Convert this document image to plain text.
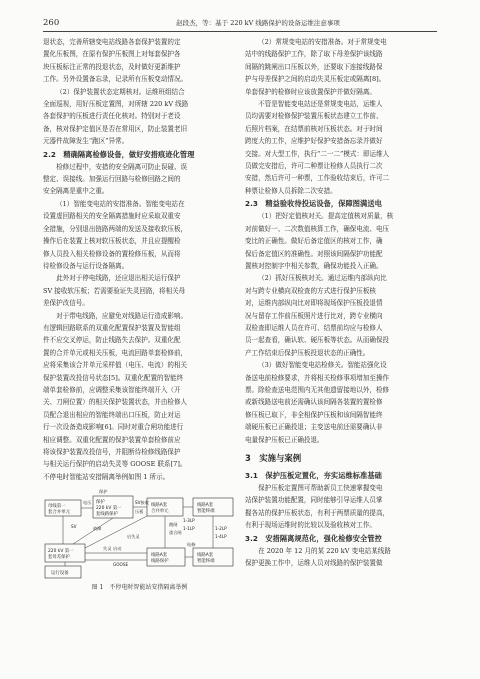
260	赵段杰，等：基于 220 kV 线路保护的设备运维注意事项

退状态，完善所辖变电站线路各套保护装置的定

置化压板图，在原有保护压板图上对每套保护各

块压板标注正常的投退状态，及时做好更新维护

工作。另外设置备忘录，记录所有压板变动情况。

（2）保护装置状态定期核对。运维班组结合

全面巡视，用好压板定置图，对所辖 220 kV 线路

各套保护的压板进行责任化核对。特别对于老设

备，核对保护定值区是否在常用区，防止装置老旧

元器件故障发生“跑区”异常。

2.2　精确隔离检修设备，做好安措痕迹化管理

检修过程中，安措的安全隔离可防止误碰、误

整定、误接线。加强运行回路与检修回路之间的

安全隔离是重中之重。

（1）智能变电站的安措准备。智能变电站在

设置虚回路相关的安全隔离措施时应采取双重安

全措施，分别退出链路两端的发送及接收软压板，

操作后在装置上核对软压板状态，并且应提醒检

修人员投入相关检修设备的置检修压板，从而将

待检修设备与运行设备隔离。

此外对于停电线路，还应退出相关运行保护

SV 接收软压板；若需要验证失灵回路，将相关母

差保护改信号。

对于带电线路，应避免对线路运行造成影响。

有逻辑回路联系的双重化配置保护装置及智能组

件不应交叉停运，防止线路失去保护。双重化配

置的合并单元或相关压板，电流回路单套检修前，

应将采集该合并单元采样值（电压、电流）的相关

保护装置改投信号状态[5]。双重化配置的智能终

端单套检修前，应调整采集该智能终端开入（开

关、刀闸位置）的相关保护装置状态，并由检修人

员配合退出相应的智能终端出口压板，防止对运

行一次设备造成影响[6]。同时对重合闸功能进行

相应调整。双重化配置的保护装置单套检修前应

将该保护装置改投信号，并阻断待检修线路保护

与相关运行保护的启动失灵等 GOOSE 联系[7]。

不停电时智能站安措隔离举例如图 1 所示。

母线第一套合并单元
保护 220 kV 第一套线路保护
线路A套合并单元
线路A套智能终端
220 kV 第一套母差保护
运行设备
线路A套线路保护
线路A套智能终端
保护
电压	SV接收
压板
1-3LP
1-1LP	1-2LP
1-4LP
跳闸
重合闸
失灵 启动
GOOSE
SV	故障
检修
启失灵
图 1　不停电时智能站安措隔离举例

（2）常规变电站的安措准备。对于常规变电

站中的线路保护工作，除了取下母差保护该线路

间隔的跳闸出口压板以外，还要取下连接线路保

护与母差保护之间的启动失灵压板定或隔离[8]。

单套保护的检修时应该放置保护并做好隔离。

不管是智能变电站还是常规变电站，运维人

员均需要对检修保护装置压板状态建立工作前、

后照片档案，在结票前核对压板状态。对于时间

跨度大的工作，应维护好保护安措备忘录并做好

交接。对大型工作，执行“二一二”模式：即运维人

员做完安措后，许可二种票让检修人员执行二次

安措，然后许可一种票，工作验收结束后，许可二

种票让检修人员拆除二次安措。

2.3　精益验收待投运设备，保障图满送电

（1）把好定值核对关。提高定值核对质量，核

对前做好一、二次数值核算工作，确保电流、电压

变比的正确性。做好后备定值区的核对工作，确

保后备定值区的准确性。对照该间隔保护功能配

置核对控制字中相关参数，确保功能投入正确。

（2）抓好压板核对关。通过运维内部纵向比

对与跨专业横向双检查的方式进行保护压板核

对，运维内部纵向比对即将现场保护压板投退情

况与留存工作前压板照片进行比对，跨专业横向

双检查即运维人员在许可、结票前均应与检修人

员一起查看，确认软、硬压板等状态。从而确保投

产工作结束后保护压板投退状态的正确性。

（3）做好智能变电站检修关。智能站强化设

备送电前检修要求，并将相关检修事项增加至操作

票。除检查送电范围内无其他遗留接地以外，检修

或新线路送电前还需确认该间隔各装置的置检修

修压板已取下，非全相保护压板和该间隔智能终

端硬压板已正确投退；主变送电前还需要确认非

电量保护压板已正确投退。

3　实施与案例
3.1　保护压板定置化，夯实运维标准基础

保护压板定置图可帮助新员工快速掌握变电

站保护装置功能配置，同时能够引导运维人员掌

握各站的保护压板状态，有利于两票质量的提高，

有利于现场运维时的比较以及验收核对工作。

3.2　安措隔离规范化，强化检修安全管控

在 2020 年 12 月的某 220 kV 变电站某线路

保护更换工作中，运维人员对线路的保护装置做
